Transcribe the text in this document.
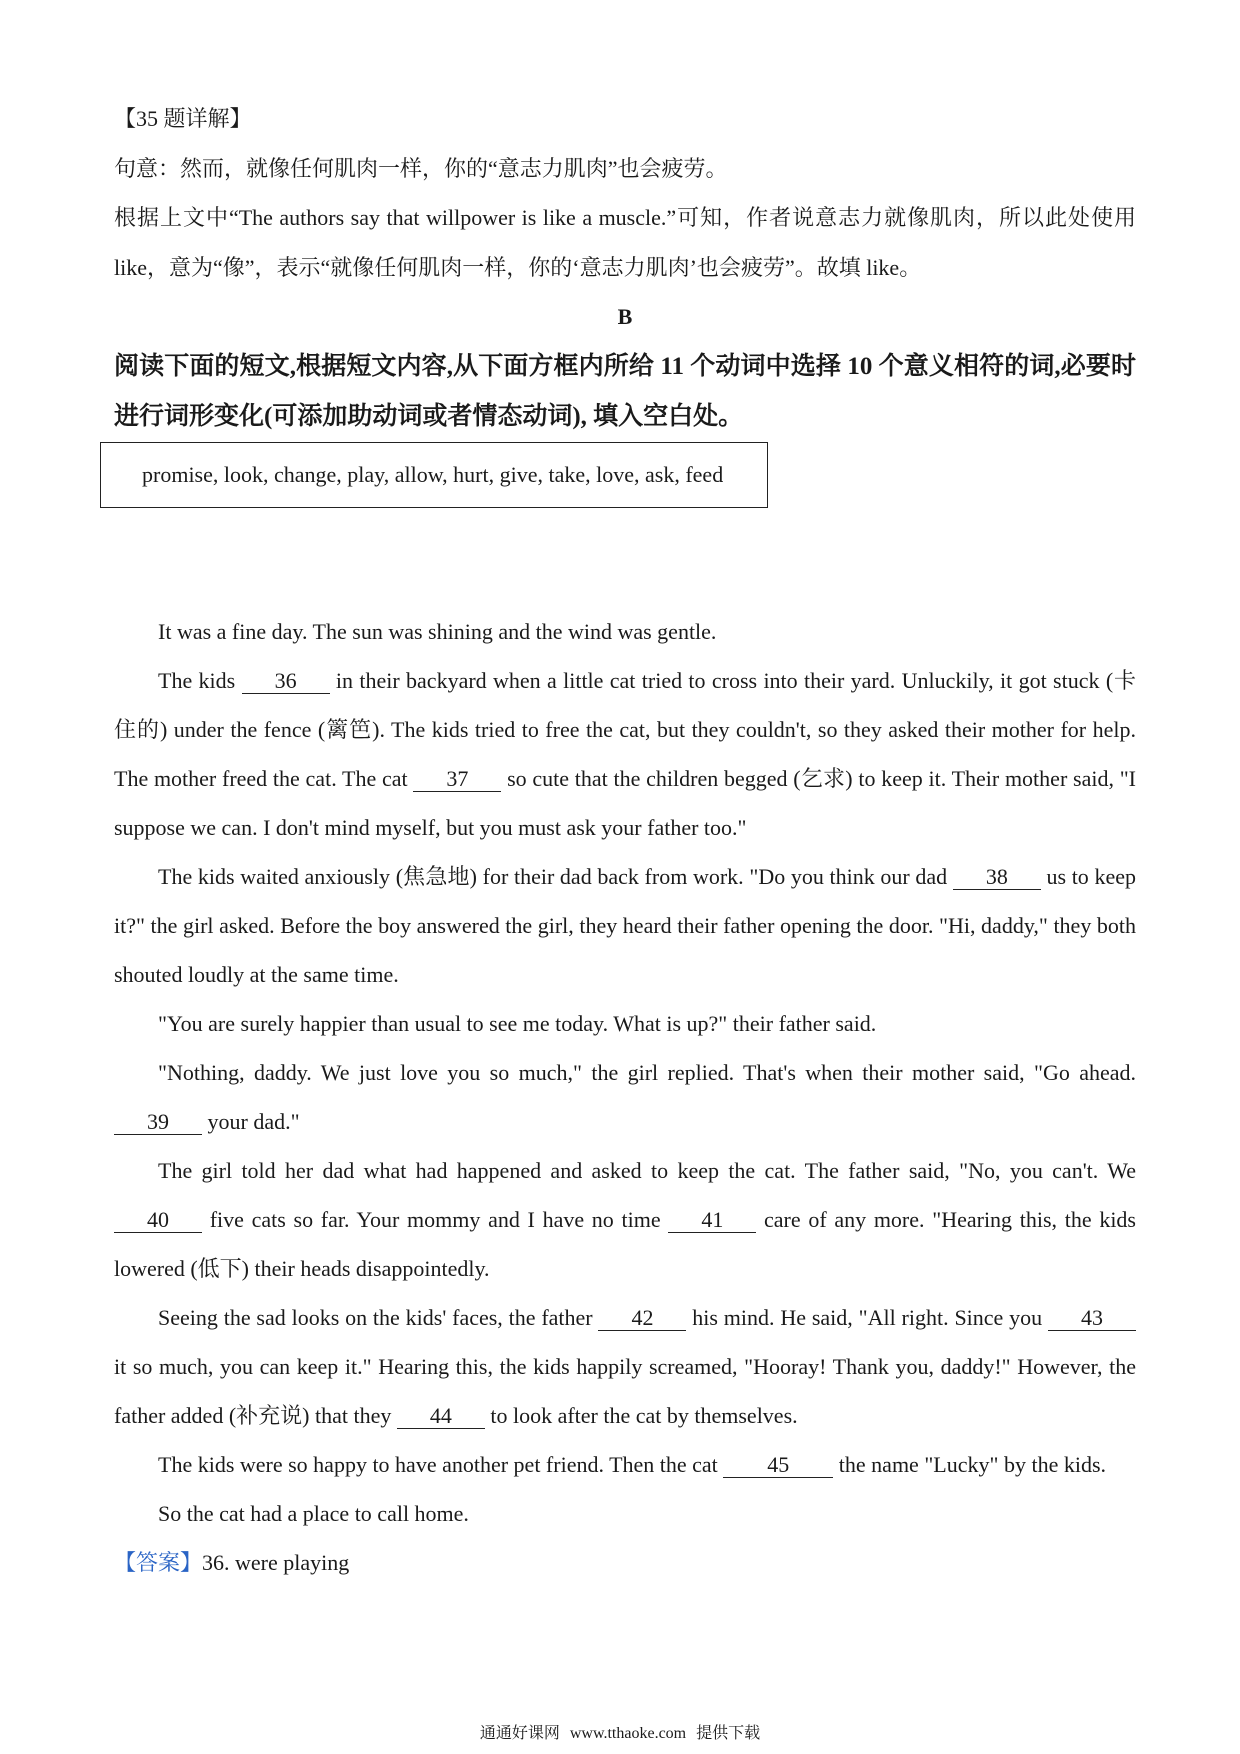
【35 题详解】

句意：然而，就像任何肌肉一样，你的“意志力肌肉”也会疲劳。

根据上文中“The authors say that willpower is like a muscle.”可知，作者说意志力就像肌肉，所以此处使用 like，意为“像”，表示“就像任何肌肉一样，你的‘意志力肌肉’也会疲劳”。故填 like。

B

阅读下面的短文,根据短文内容,从下面方框内所给 11 个动词中选择 10 个意义相符的词,必要时进行词形变化(可添加助动词或者情态动词), 填入空白处。

promise, look, change, play, allow, hurt, give, take, love, ask, feed

It was a fine day. The sun was shining and the wind was gentle.

The kids 36 in their backyard when a little cat tried to cross into their yard. Unluckily, it got stuck (卡住的) under the fence (篱笆). The kids tried to free the cat, but they couldn't, so they asked their mother for help. The mother freed the cat. The cat 37 so cute that the children begged (乞求) to keep it. Their mother said, "I suppose we can. I don't mind myself, but you must ask your father too."

The kids waited anxiously (焦急地) for their dad back from work. "Do you think our dad 38 us to keep it?" the girl asked. Before the boy answered the girl, they heard their father opening the door. "Hi, daddy," they both shouted loudly at the same time.

"You are surely happier than usual to see me today. What is up?" their father said.

"Nothing, daddy. We just love you so much," the girl replied. That's when their mother said, "Go ahead. 39 your dad."

The girl told her dad what had happened and asked to keep the cat. The father said, "No, you can't. We 40 five cats so far. Your mommy and I have no time 41 care of any more. "Hearing this, the kids lowered (低下) their heads disappointedly.

Seeing the sad looks on the kids' faces, the father 42 his mind. He said, "All right. Since you 43 it so much, you can keep it." Hearing this, the kids happily screamed, "Hooray! Thank you, daddy!" However, the father added (补充说) that they 44 to look after the cat by themselves.

The kids were so happy to have another pet friend. Then the cat 45 the name "Lucky" by the kids.

So the cat had a place to call home.

【答案】36. were playing

通通好课网 www.tthaoke.com 提供下载
